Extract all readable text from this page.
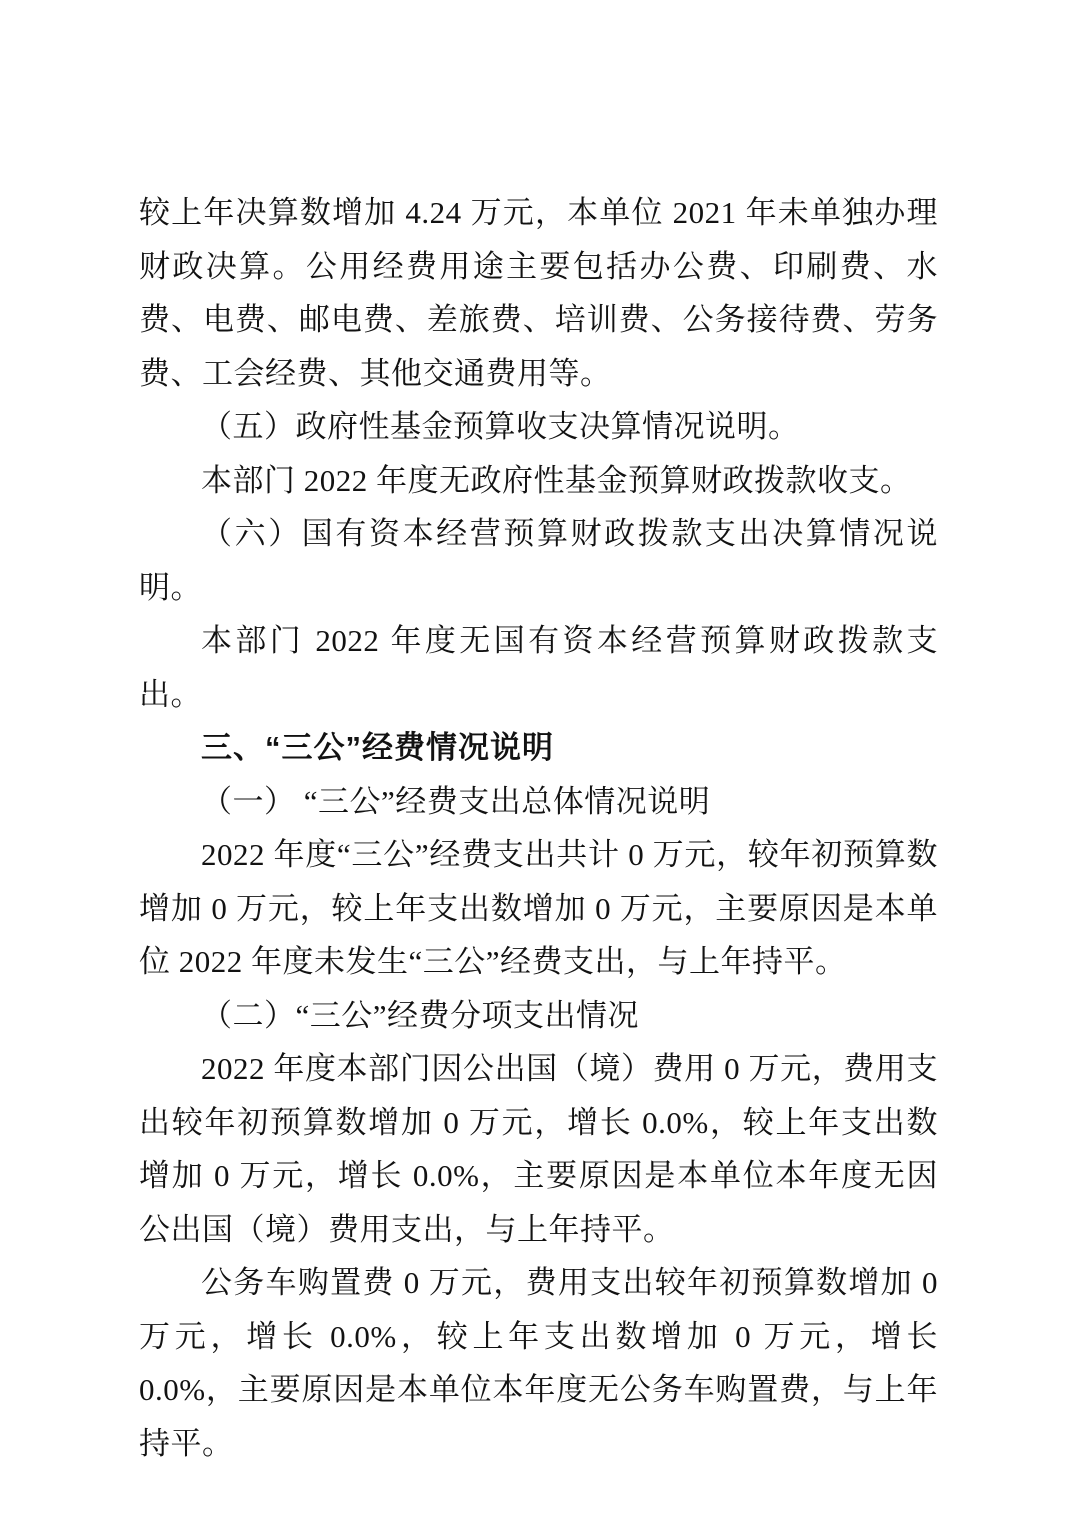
较上年决算数增加 4.24 万元，本单位 2021 年未单独办理财政决算。公用经费用途主要包括办公费、印刷费、水费、电费、邮电费、差旅费、培训费、公务接待费、劳务费、工会经费、其他交通费用等。

（五）政府性基金预算收支决算情况说明。

本部门 2022 年度无政府性基金预算财政拨款收支。

（六）国有资本经营预算财政拨款支出决算情况说明。

本部门 2022 年度无国有资本经营预算财政拨款支出。

三、“三公”经费情况说明

（一） “三公”经费支出总体情况说明

2022 年度“三公”经费支出共计 0 万元，较年初预算数增加 0 万元，较上年支出数增加 0 万元，主要原因是本单位 2022 年度未发生“三公”经费支出，与上年持平。

（二）“三公”经费分项支出情况

2022 年度本部门因公出国（境）费用 0 万元，费用支出较年初预算数增加 0 万元，增长 0.0%，较上年支出数增加 0 万元，增长 0.0%，主要原因是本单位本年度无因公出国（境）费用支出，与上年持平。

公务车购置费 0 万元，费用支出较年初预算数增加 0 万元，增长 0.0%，较上年支出数增加 0 万元，增长 0.0%，主要原因是本单位本年度无公务车购置费，与上年持平。
